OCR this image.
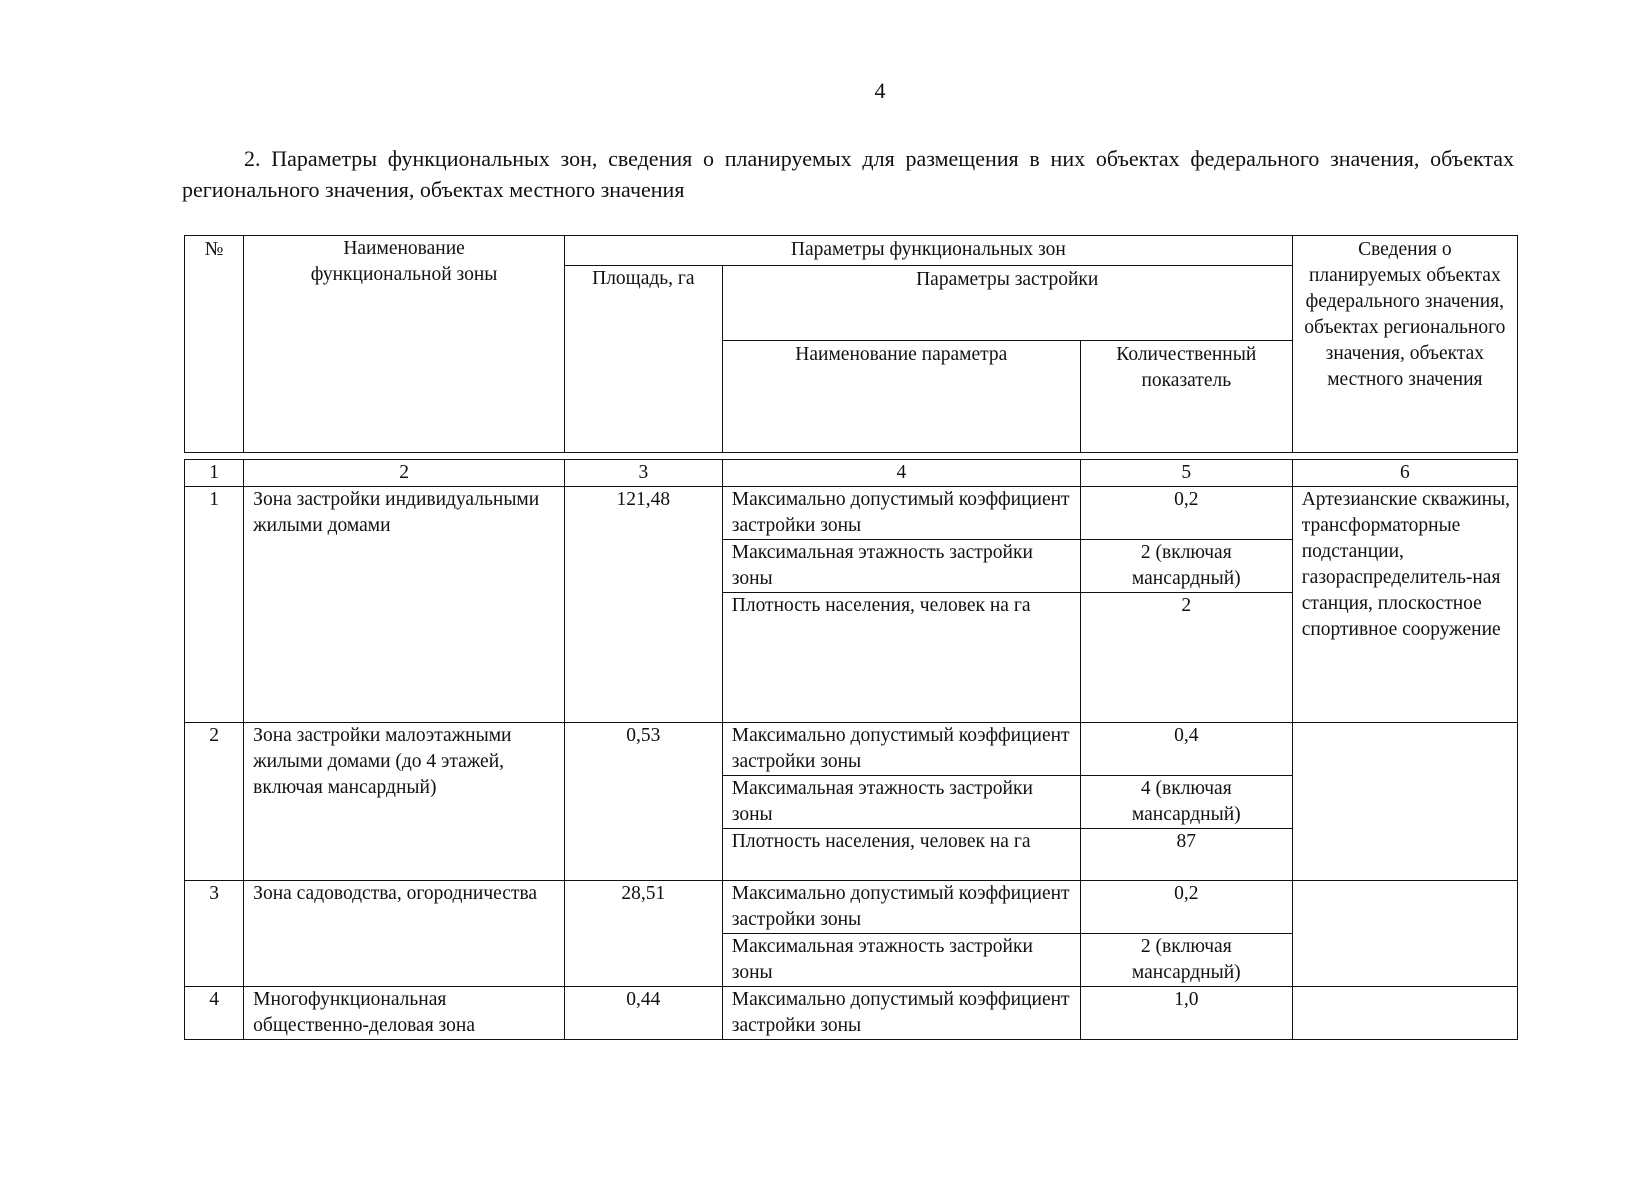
4
2. Параметры функциональных зон, сведения о планируемых для размещения в них объектах федерального значения, объектах регионального значения, объектах местного значения
№	Наименование функциональной зоны	Параметры функциональных зон			Сведения о планируемых объектах федерального значения, объектах регионального значения, объектах местного значения
		Площадь, га	Параметры застройки		
			Наименование параметра	Количественный показатель	
1	2	3	4	5	6
1	Зона застройки индивидуальными жилыми домами	121,48	Максимально допустимый коэффициент застройки зоны	0,2	Артезианские скважины, трансформаторные подстанции, газораспределитель-ная станция, плоскостное спортивное сооружение
			Максимальная этажность застройки зоны	2 (включая мансардный)	
			Плотность населения, человек на га	2	
2	Зона застройки малоэтажными жилыми домами (до 4 этажей, включая мансардный)	0,53	Максимально допустимый коэффициент застройки зоны	0,4	
			Максимальная этажность застройки зоны	4 (включая мансардный)	
			Плотность населения, человек на га	87	
3	Зона садоводства, огородничества	28,51	Максимально допустимый коэффициент застройки зоны	0,2	
			Максимальная этажность застройки зоны	2 (включая мансардный)	
4	Многофункциональная общественно-деловая зона	0,44	Максимально допустимый коэффициент застройки зоны	1,0	
